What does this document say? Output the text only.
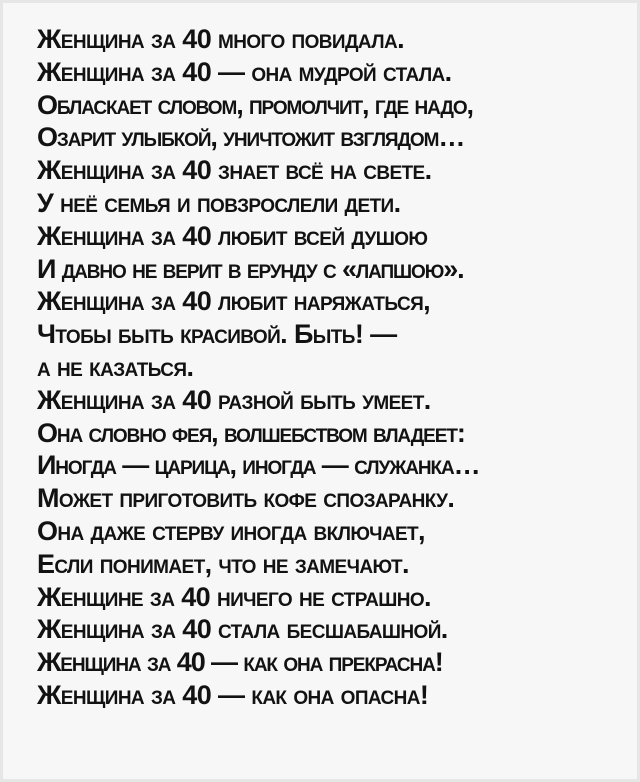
Женщина за 40 много повидала.
Женщина за 40 — она мудрой стала.
Обласкает словом, промолчит, где надо,
Озарит улыбкой, уничтожит взглядом…
Женщина за 40 знает всё на свете.
У неё семья и повзрослели дети.
Женщина за 40 любит всей душою
И давно не верит в ерунду с «лапшою».
Женщина за 40 любит наряжаться,
Чтобы быть красивой. Быть! —
а не казаться.
Женщина за 40 разной быть умеет.
Она словно фея, волшебством владеет:
Иногда — царица, иногда — служанка…
Может приготовить кофе спозаранку.
Она даже стерву иногда включает,
Если понимает, что не замечают.
Женщине за 40 ничего не страшно.
Женщина за 40 стала бесшабашной.
Женщина за 40 — как она прекрасна!
Женщина за 40 — как она опасна!
